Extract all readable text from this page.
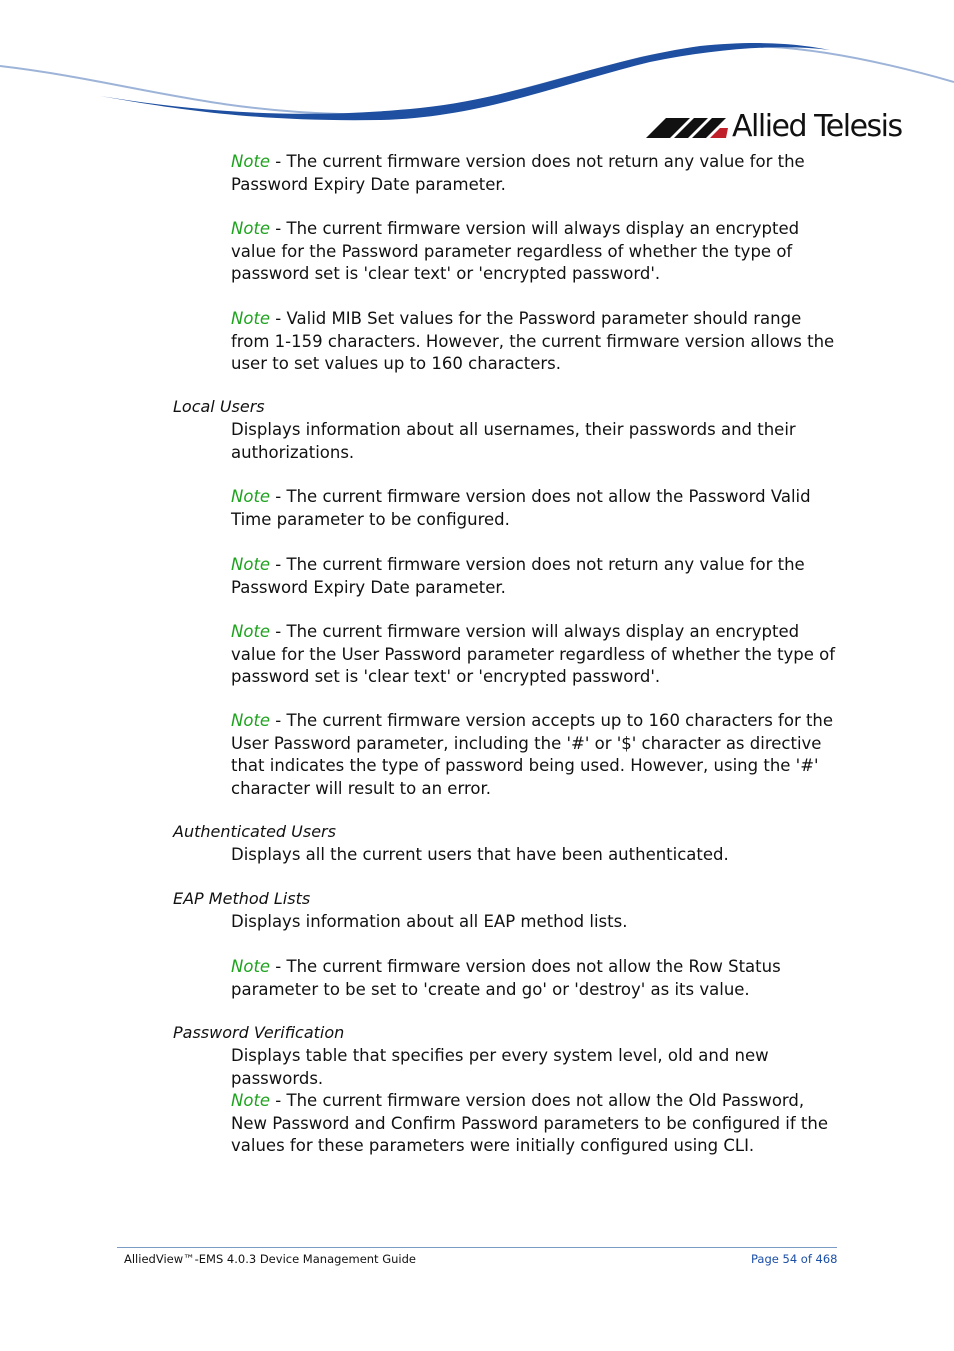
Allied Telesis
Note - The current firmware version does not return any value for the Password Expiry Date parameter.
Note - The current firmware version will always display an encrypted value for the Password parameter regardless of whether the type of password set is 'clear text' or 'encrypted password'.
Note - Valid MIB Set values for the Password parameter should range from 1-159 characters. However, the current firmware version allows the user to set values up to 160 characters.
Local Users
Displays information about all usernames, their passwords and their authorizations.
Note - The current firmware version does not allow the Password Valid Time parameter to be configured.
Note - The current firmware version does not return any value for the Password Expiry Date parameter.
Note - The current firmware version will always display an encrypted value for the User Password parameter regardless of whether the type of password set is 'clear text' or 'encrypted password'.
Note - The current firmware version accepts up to 160 characters for the User Password parameter, including the '#' or '$' character as directive that indicates the type of password being used. However, using the '#' character will result to an error.
Authenticated Users
Displays all the current users that have been authenticated.
EAP Method Lists
Displays information about all EAP method lists.
Note - The current firmware version does not allow the Row Status parameter to be set to 'create and go' or 'destroy' as its value.
Password Verification
Displays table that specifies per every system level, old and new passwords.
Note - The current firmware version does not allow the Old Password, New Password and Confirm Password parameters to be configured if the values for these parameters were initially configured using CLI.
AlliedView™-EMS 4.0.3 Device Management Guide	Page 54 of 468
